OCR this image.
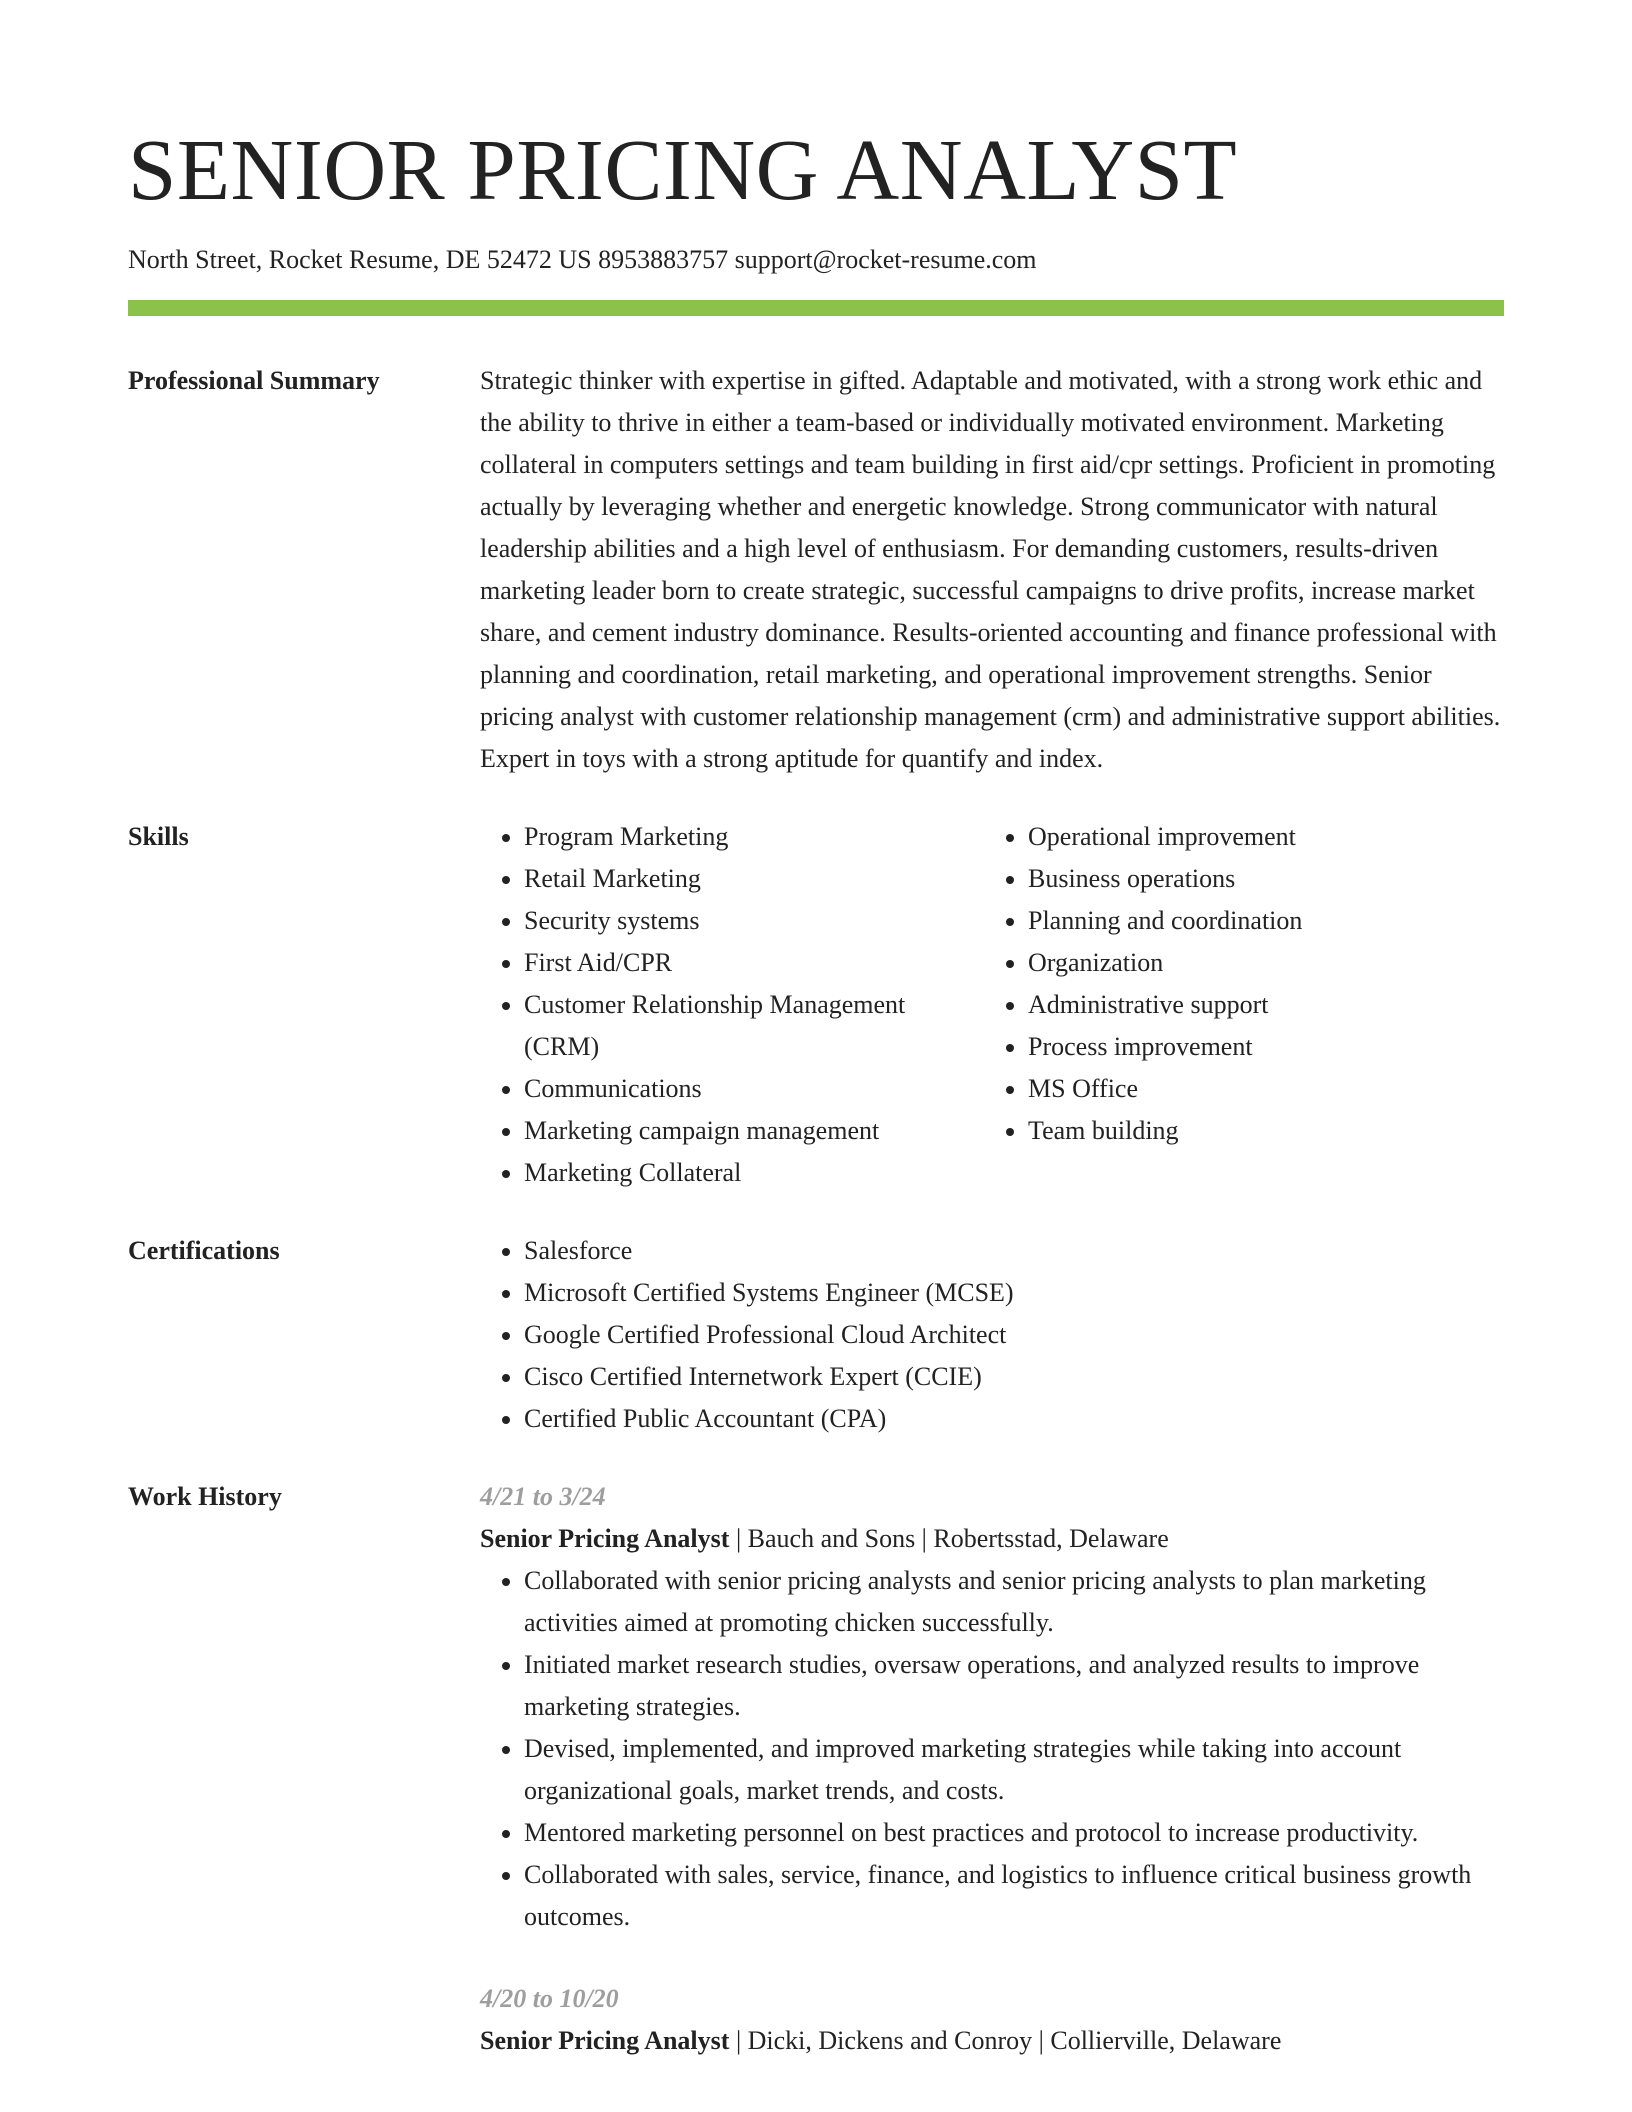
SENIOR PRICING ANALYST
North Street, Rocket Resume, DE 52472 US 8953883757 support@rocket-resume.com
Professional Summary	Strategic thinker with expertise in gifted. Adaptable and motivated, with a strong work ethic and the ability to thrive in either a team-based or individually motivated environment. Marketing collateral in computers settings and team building in first aid/cpr settings. Proficient in promoting actually by leveraging whether and energetic knowledge. Strong communicator with natural leadership abilities and a high level of enthusiasm. For demanding customers, results-driven marketing leader born to create strategic, successful campaigns to drive profits, increase market share, and cement industry dominance. Results-oriented accounting and finance professional with planning and coordination, retail marketing, and operational improvement strengths. Senior pricing analyst with customer relationship management (crm) and administrative support abilities. Expert in toys with a strong aptitude for quantify and index.

Skills	• Program Marketing
• Retail Marketing
• Security systems
• First Aid/CPR
• Customer Relationship Management (CRM)
• Communications
• Marketing campaign management
• Marketing Collateral
• Operational improvement
• Business operations
• Planning and coordination
• Organization
• Administrative support
• Process improvement
• MS Office
• Team building
Certifications	• Salesforce
• Microsoft Certified Systems Engineer (MCSE)
• Google Certified Professional Cloud Architect
• Cisco Certified Internetwork Expert (CCIE)
• Certified Public Accountant (CPA)
Work History	4/21 to 3/24
Senior Pricing Analyst | Bauch and Sons | Robertsstad, Delaware
• Collaborated with senior pricing analysts and senior pricing analysts to plan marketing activities aimed at promoting chicken successfully.
• Initiated market research studies, oversaw operations, and analyzed results to improve marketing strategies.
• Devised, implemented, and improved marketing strategies while taking into account organizational goals, market trends, and costs.
• Mentored marketing personnel on best practices and protocol to increase productivity.
• Collaborated with sales, service, finance, and logistics to influence critical business growth outcomes.
4/20 to 10/20
Senior Pricing Analyst | Dicki, Dickens and Conroy | Collierville, Delaware
